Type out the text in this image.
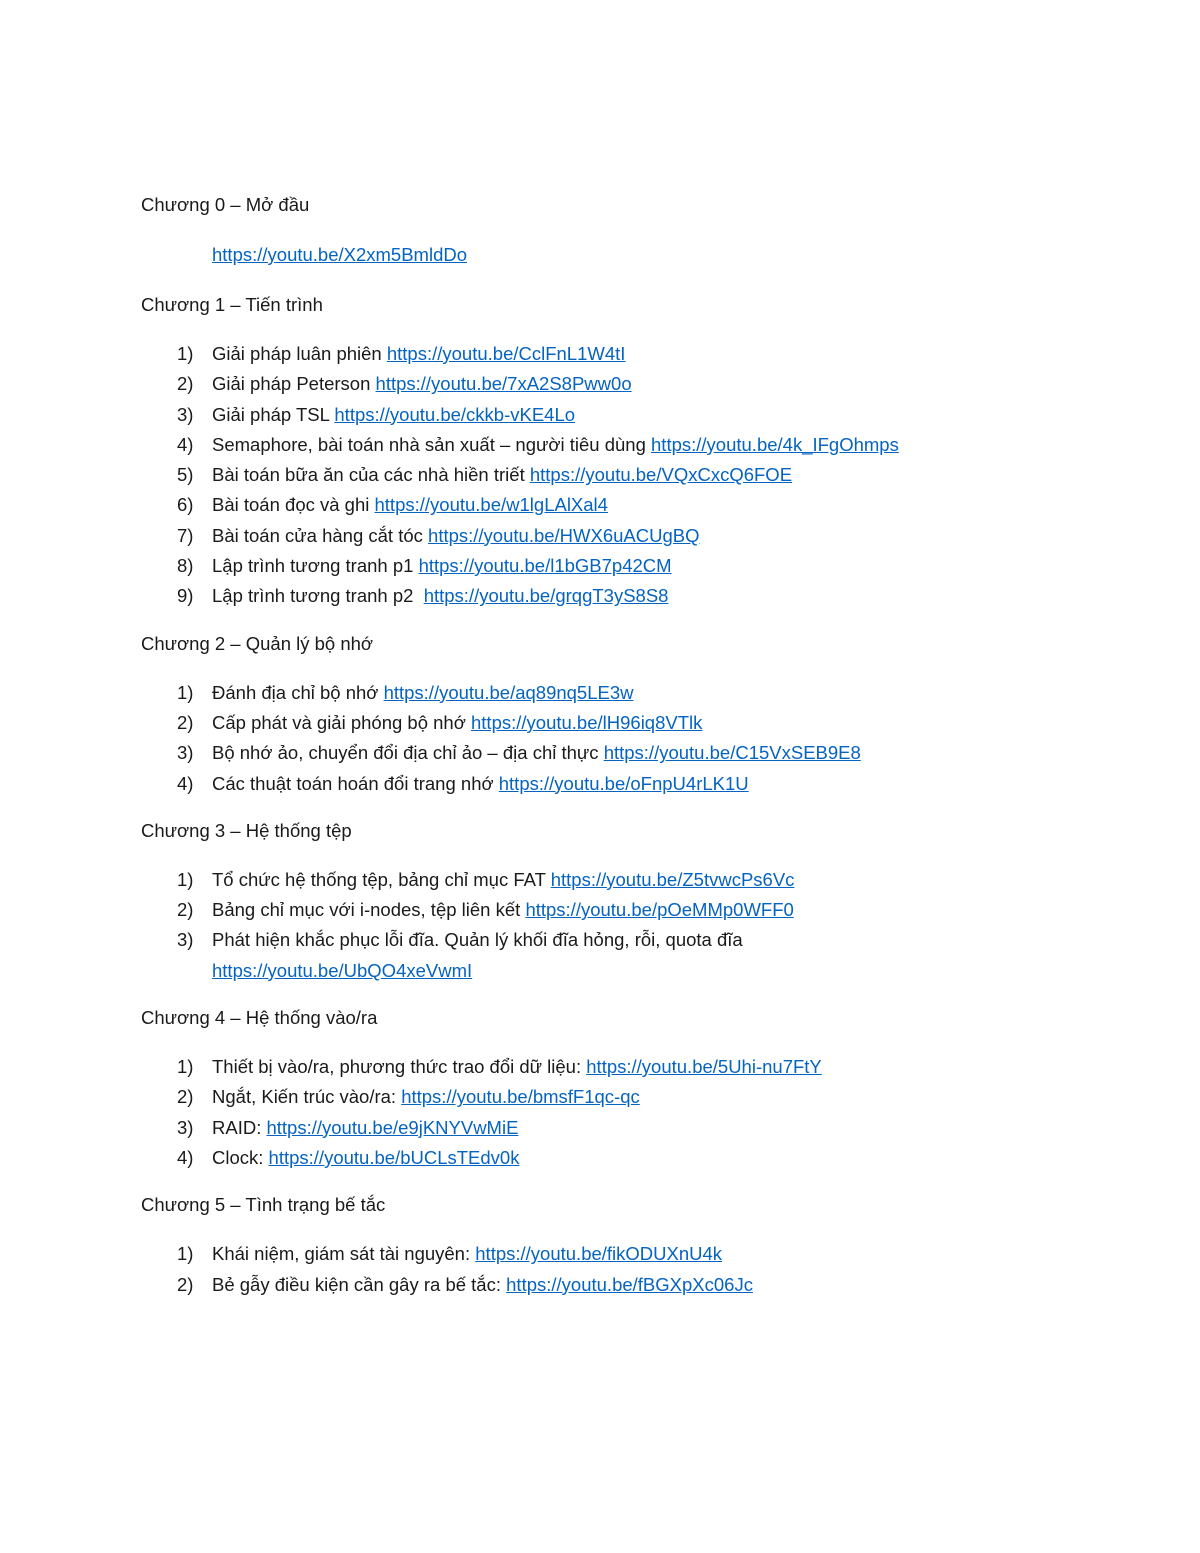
Chương 0 – Mở đầu
https://youtu.be/X2xm5BmldDo
Chương 1 – Tiến trình
1) Giải pháp luân phiên https://youtu.be/CclFnL1W4tI
2) Giải pháp Peterson https://youtu.be/7xA2S8Pww0o
3) Giải pháp TSL https://youtu.be/ckkb-vKE4Lo
4) Semaphore, bài toán nhà sản xuất – người tiêu dùng https://youtu.be/4k_IFgOhmps
5) Bài toán bữa ăn của các nhà hiền triết https://youtu.be/VQxCxcQ6FOE
6) Bài toán đọc và ghi https://youtu.be/w1lgLAlXal4
7) Bài toán cửa hàng cắt tóc https://youtu.be/HWX6uACUgBQ
8) Lập trình tương tranh p1 https://youtu.be/l1bGB7p42CM
9) Lập trình tương tranh p2  https://youtu.be/grqgT3yS8S8
Chương 2 – Quản lý bộ nhớ
1) Đánh địa chỉ bộ nhớ https://youtu.be/aq89nq5LE3w
2) Cấp phát và giải phóng bộ nhớ https://youtu.be/lH96iq8VTlk
3) Bộ nhớ ảo, chuyển đổi địa chỉ ảo – địa chỉ thực https://youtu.be/C15VxSEB9E8
4) Các thuật toán hoán đổi trang nhớ https://youtu.be/oFnpU4rLK1U
Chương 3 – Hệ thống tệp
1) Tổ chức hệ thống tệp, bảng chỉ mục FAT https://youtu.be/Z5tvwcPs6Vc
2) Bảng chỉ mục với i-nodes, tệp liên kết https://youtu.be/pOeMMp0WFF0
3) Phát hiện khắc phục lỗi đĩa. Quản lý khối đĩa hỏng, rỗi, quota đĩa
https://youtu.be/UbQO4xeVwmI
Chương 4 – Hệ thống vào/ra
1) Thiết bị vào/ra, phương thức trao đổi dữ liệu: https://youtu.be/5Uhi-nu7FtY
2) Ngắt, Kiến trúc vào/ra: https://youtu.be/bmsfF1qc-qc
3) RAID: https://youtu.be/e9jKNYVwMiE
4) Clock: https://youtu.be/bUCLsTEdv0k
Chương 5 – Tình trạng bế tắc
1) Khái niệm, giám sát tài nguyên: https://youtu.be/fikODUXnU4k
2) Bẻ gẫy điều kiện cần gây ra bế tắc: https://youtu.be/fBGXpXc06Jc
